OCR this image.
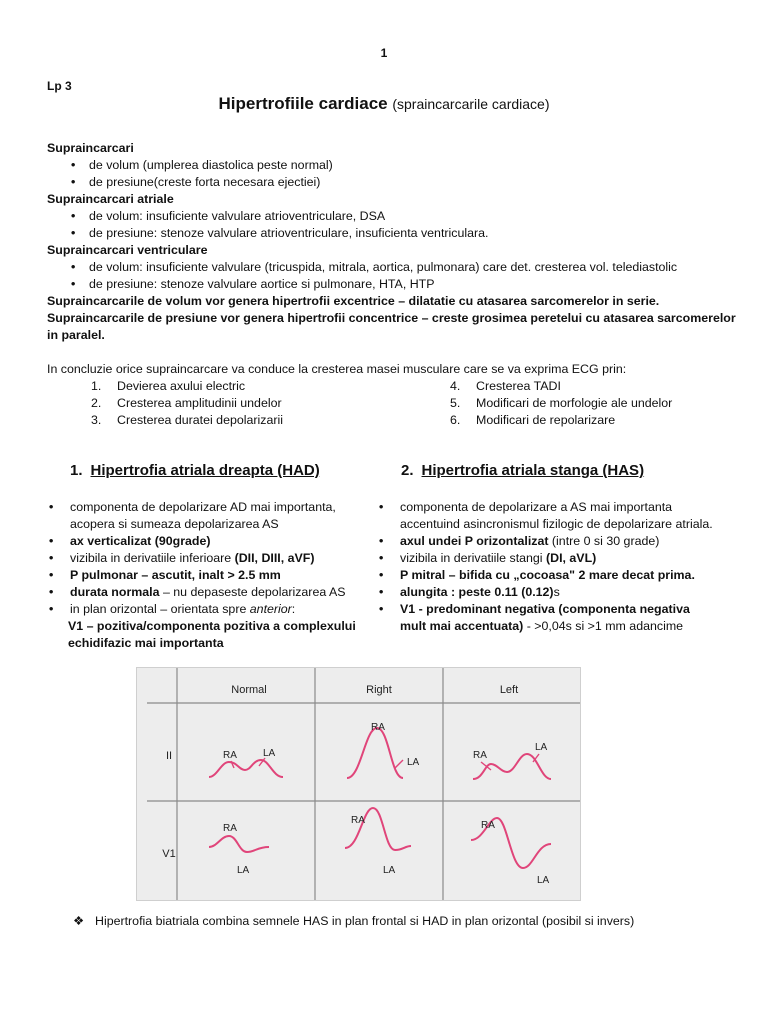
1
Lp 3
Hipertrofiile cardiace (spraincarcarile cardiace)
Supraincarcari
• de volum (umplerea diastolica peste normal)
• de presiune(creste forta necesara ejectiei)
Supraincarcari atriale
• de volum: insuficiente valvulare atrioventriculare, DSA
• de presiune: stenoze valvulare atrioventriculare, insuficienta ventriculara.
Supraincarcari ventriculare
• de volum: insuficiente valvulare (tricuspida, mitrala, aortica, pulmonara) care det. cresterea vol. telediastolic
• de presiune: stenoze valvulare aortice si pulmonare, HTA, HTP
Supraincarcarile de volum vor genera hipertrofii excentrice – dilatatie cu atasarea sarcomerelor in serie.
Supraincarcarile de presiune vor genera hipertrofii concentrice – creste grosimea peretelui cu atasarea sarcomerelor in paralel.
In concluzie orice supraincarcare va conduce la cresterea masei musculare care se va exprima ECG prin:
1.	Devierea axului electric
2.	Cresterea amplitudinii undelor
3.	Cresterea duratei depolarizarii
4.	Cresterea TADI
5.	Modificari de morfologie ale undelor
6.	Modificari de repolarizare
1. Hipertrofia atriala dreapta (HAD)
• componenta de depolarizare AD mai importanta, acopera si sumeaza depolarizarea AS
• ax verticalizat (90grade)
• vizibila in derivatiile inferioare (DII, DIII, aVF)
• P pulmonar – ascutit, inalt > 2.5 mm
• durata normala – nu depaseste depolarizarea AS
• in plan orizontal – orientata spre anterior:
V1 – pozitiva/componenta pozitiva a complexului echidifazic mai importanta
2. Hipertrofia atriala stanga (HAS)
• componenta de depolarizare a AS mai importanta accentuind asincronismul fizilogic de depolarizare atriala.
• axul undei P orizontalizat (intre 0 si 30 grade)
• vizibila in derivatiile stangi (DI, aVL)
• P mitral – bifida cu „cocoasa" 2 mare decat prima.
• alungita : peste 0.11 (0.12)s
• V1 - predominant negativa (componenta negativa mult mai accentuata) - >0,04s si >1 mm adancime
Normal	Right	Left
II
V1
RA	LA
RA
LA
RA
LA
RA
LA
RA
LA
RA
LA
❖ Hipertrofia biatriala combina semnele HAS in plan frontal si HAD in plan orizontal (posibil si invers)
